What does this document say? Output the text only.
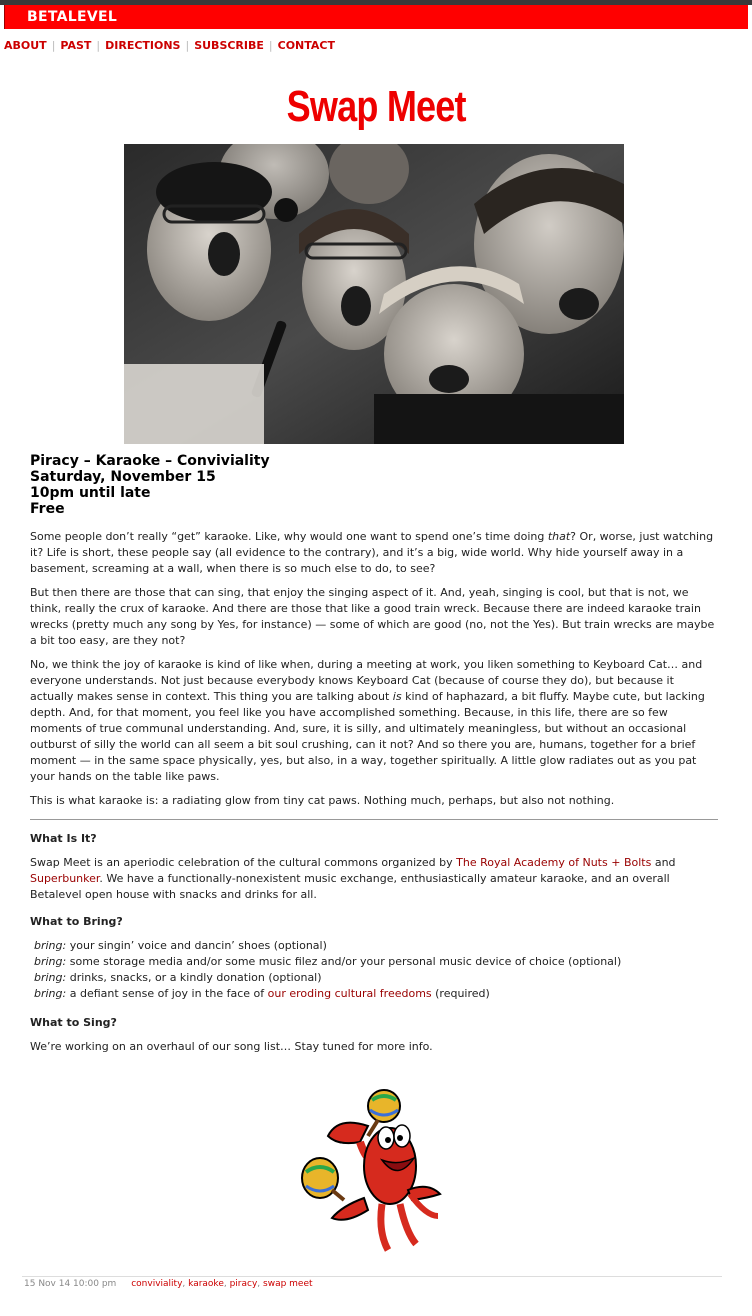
BETALEVEL
ABOUT | PAST | DIRECTIONS | SUBSCRIBE | CONTACT
Swap Meet
Piracy – Karaoke – Conviviality
Saturday, November 15
10pm until late
Free

Some people don’t really “get” karaoke. Like, why would one want to spend one’s time doing that? Or, worse, just watching it? Life is short, these people say (all evidence to the contrary), and it’s a big, wide world. Why hide yourself away in a basement, screaming at a wall, when there is so much else to do, to see?

But then there are those that can sing, that enjoy the singing aspect of it. And, yeah, singing is cool, but that is not, we think, really the crux of karaoke. And there are those that like a good train wreck. Because there are indeed karaoke train wrecks (pretty much any song by Yes, for instance) — some of which are good (no, not the Yes). But train wrecks are maybe a bit too easy, are they not?

No, we think the joy of karaoke is kind of like when, during a meeting at work, you liken something to Keyboard Cat… and everyone understands. Not just because everybody knows Keyboard Cat (because of course they do), but because it actually makes sense in context. This thing you are talking about is kind of haphazard, a bit fluffy. Maybe cute, but lacking depth. And, for that moment, you feel like you have accomplished something. Because, in this life, there are so few moments of true communal understanding. And, sure, it is silly, and ultimately meaningless, but without an occasional outburst of silly the world can all seem a bit soul crushing, can it not? And so there you are, humans, together for a brief moment — in the same space physically, yes, but also, in a way, together spiritually. A little glow radiates out as you pat your hands on the table like paws.

This is what karaoke is: a radiating glow from tiny cat paws. Nothing much, perhaps, but also not nothing.

What Is It?

Swap Meet is an aperiodic celebration of the cultural commons organized by The Royal Academy of Nuts + Bolts and Superbunker. We have a functionally-nonexistent music exchange, enthusiastically amateur karaoke, and an overall Betalevel open house with snacks and drinks for all.

What to Bring?
bring: your singin’ voice and dancin’ shoes (optional)
bring: some storage media and/or some music filez and/or your personal music device of choice (optional)
bring: drinks, snacks, or a kindly donation (optional)
bring: a defiant sense of joy in the face of our eroding cultural freedoms (required)
What to Sing?

We’re working on an overhaul of our song list… Stay tuned for more info.

15 Nov 14 10:00 pm conviviality, karaoke, piracy, swap meet
